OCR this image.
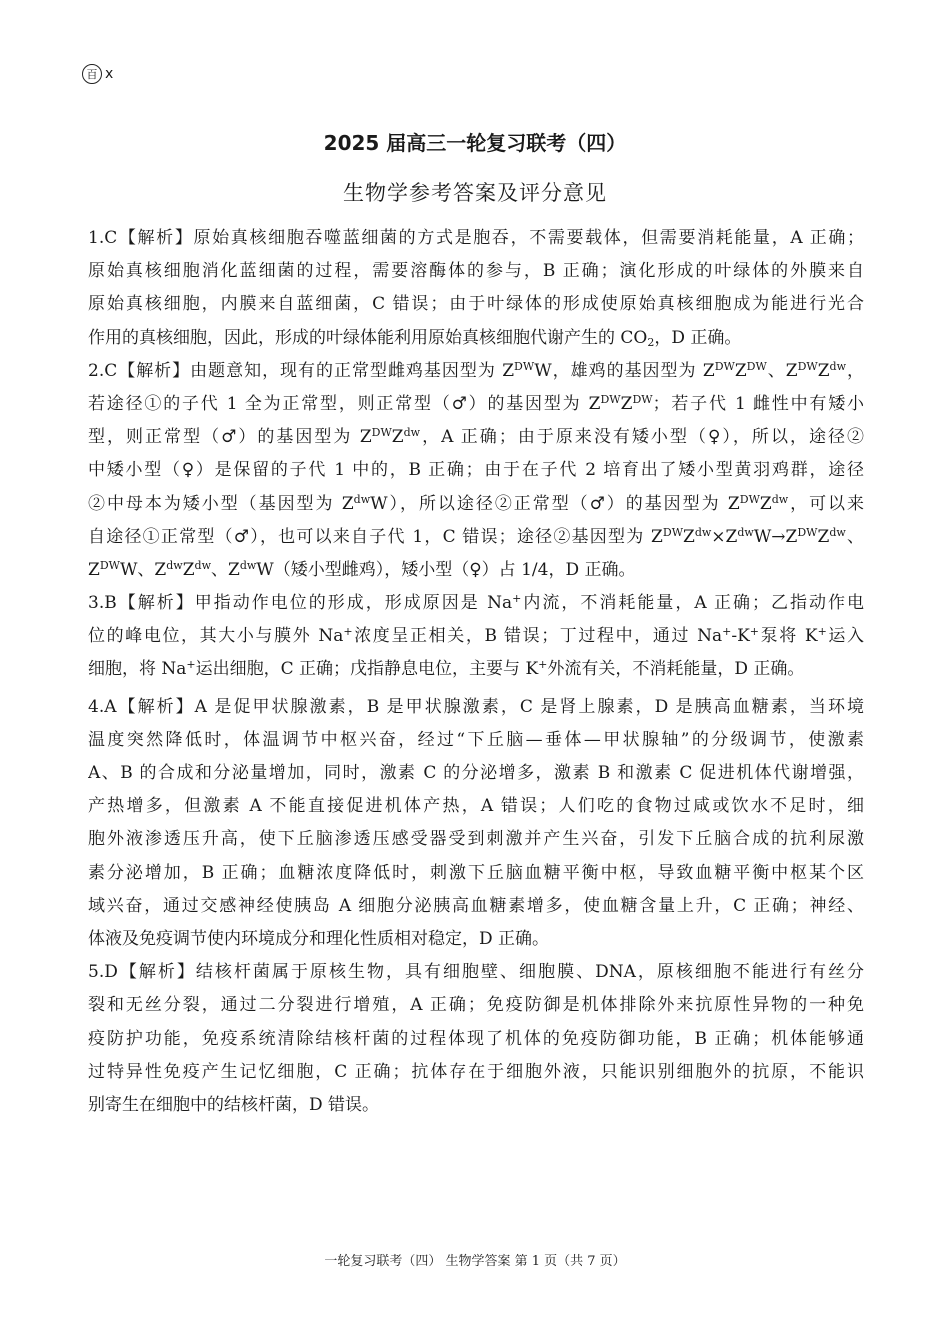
百 x
2025 届高三一轮复习联考（四）
生物学参考答案及评分意见
1.C【解析】原始真核细胞吞噬蓝细菌的方式是胞吞，不需要载体，但需要消耗能量，A 正确；
原始真核细胞消化蓝细菌的过程，需要溶酶体的参与，B 正确；演化形成的叶绿体的外膜来自
原始真核细胞，内膜来自蓝细菌，C 错误；由于叶绿体的形成使原始真核细胞成为能进行光合
作用的真核细胞，因此，形成的叶绿体能利用原始真核细胞代谢产生的 $CO_2$，D 正确。
2.C【解析】由题意知，现有的正常型雌鸡基因型为 $Z^{DW}W$，雄鸡的基因型为 $Z^{DW}Z^{DW}$、$Z^{DW}Z^{dw}$，
若途径①的子代 1 全为正常型，则正常型（♂）的基因型为 $Z^{DW}Z^{DW}$；若子代 1 雌性中有矮小
型，则正常型（♂）的基因型为 $Z^{DW}Z^{dw}$，A 正确；由于原来没有矮小型（♀），所以，途径②
中矮小型（♀）是保留的子代 1 中的，B 正确；由于在子代 2 培育出了矮小型黄羽鸡群，途径
②中母本为矮小型（基因型为 $Z^{dw}W$），所以途径②正常型（♂）的基因型为 $Z^{DW}Z^{dw}$，可以来
自途径①正常型（♂），也可以来自子代 1，C 错误；途径②基因型为 $Z^{DW}Z^{dw}\times Z^{dw}W\to Z^{DW}Z^{dw}$、
$Z^{DW}W$、$Z^{dw}Z^{dw}$、$Z^{dw}W$（矮小型雌鸡），矮小型（♀）占 1/4，D 正确。
3.B【解析】甲指动作电位的形成，形成原因是 Na+内流，不消耗能量，A 正确；乙指动作电
位的峰电位，其大小与膜外 Na+浓度呈正相关，B 错误；丁过程中，通过 Na+-K+泵将 K+运入
细胞，将 Na+运出细胞，C 正确；戊指静息电位，主要与 K+外流有关，不消耗能量，D 正确。
4.A【解析】A 是促甲状腺激素，B 是甲状腺激素，C 是肾上腺素，D 是胰高血糖素，当环境
温度突然降低时，体温调节中枢兴奋，经过“下丘脑—垂体—甲状腺轴”的分级调节，使激素
A、B 的合成和分泌量增加，同时，激素 C 的分泌增多，激素 B 和激素 C 促进机体代谢增强，
产热增多，但激素 A 不能直接促进机体产热，A 错误；人们吃的食物过咸或饮水不足时，细
胞外液渗透压升高，使下丘脑渗透压感受器受到刺激并产生兴奋，引发下丘脑合成的抗利尿激
素分泌增加，B 正确；血糖浓度降低时，刺激下丘脑血糖平衡中枢，导致血糖平衡中枢某个区
域兴奋，通过交感神经使胰岛 A 细胞分泌胰高血糖素增多，使血糖含量上升，C 正确；神经、
体液及免疫调节使内环境成分和理化性质相对稳定，D 正确。
5.D【解析】结核杆菌属于原核生物，具有细胞壁、细胞膜、DNA，原核细胞不能进行有丝分
裂和无丝分裂，通过二分裂进行增殖，A 正确；免疫防御是机体排除外来抗原性异物的一种免
疫防护功能，免疫系统清除结核杆菌的过程体现了机体的免疫防御功能，B 正确；机体能够通
过特异性免疫产生记忆细胞，C 正确；抗体存在于细胞外液，只能识别细胞外的抗原，不能识
别寄生在细胞中的结核杆菌，D 错误。
一轮复习联考（四） 生物学答案 第 1 页（共 7 页）
